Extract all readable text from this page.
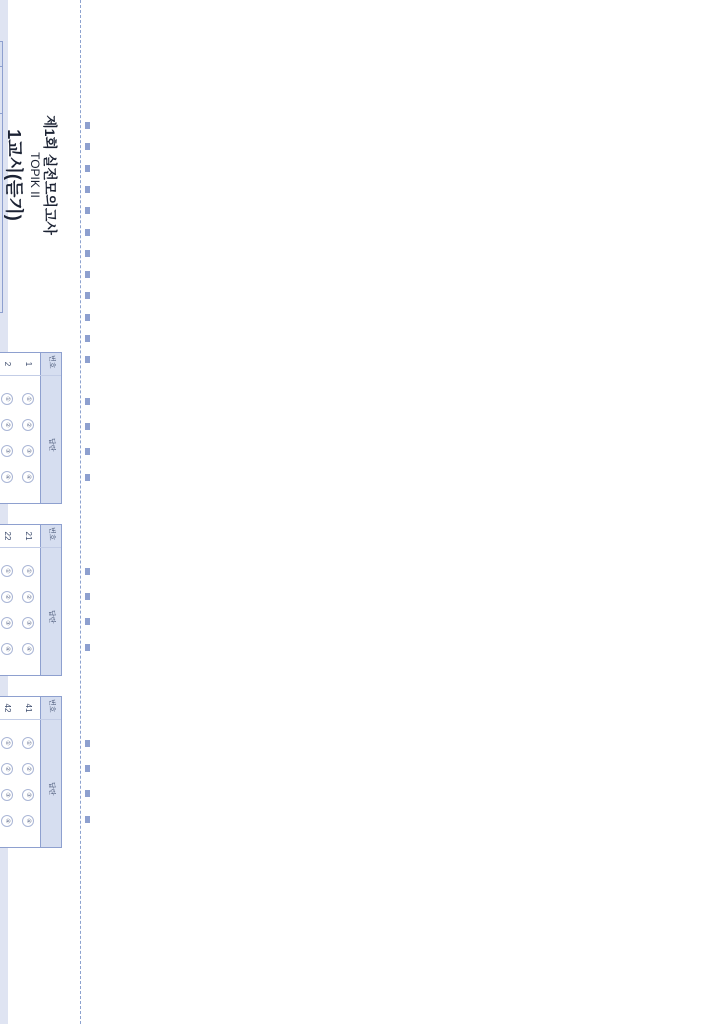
제1회 실전모의고사
TOPIK II
1교시(듣기)
번호
답란
1
①
②
③
④
2
①
②
③
④
번호
답란
21
①
②
③
④
22
①
②
③
④
번호
답란
41
①
②
③
④
42
①
②
③
④
